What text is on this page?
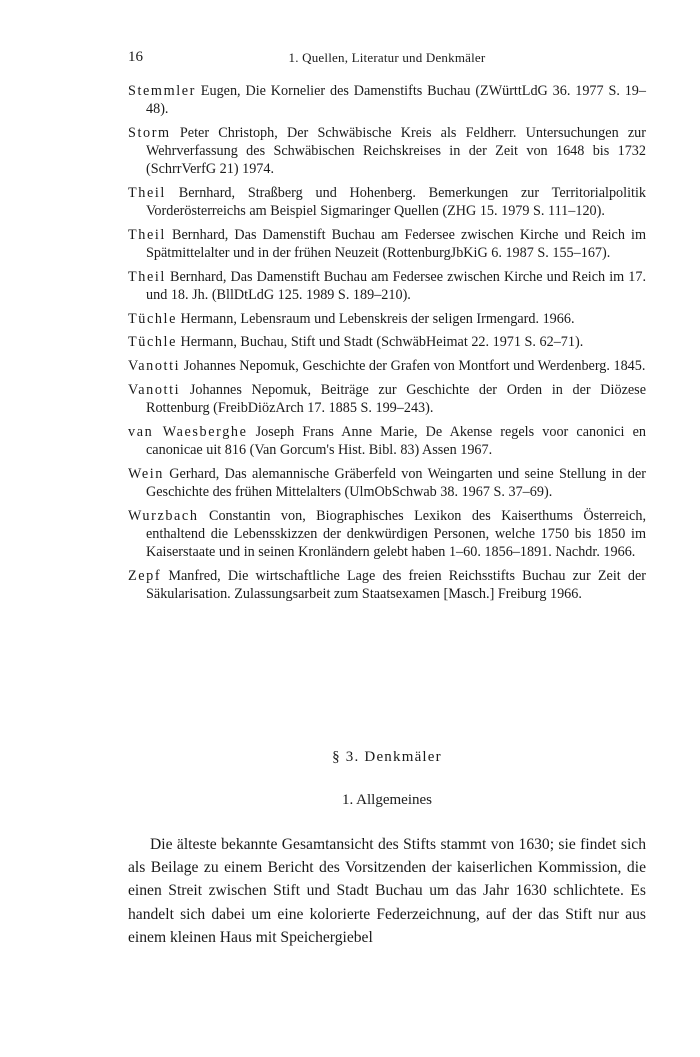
16	1. Quellen, Literatur und Denkmäler
Stemmler Eugen, Die Kornelier des Damenstifts Buchau (ZWürttLdG 36. 1977 S. 19–48).
Storm Peter Christoph, Der Schwäbische Kreis als Feldherr. Untersuchungen zur Wehrverfassung des Schwäbischen Reichskreises in der Zeit von 1648 bis 1732 (SchrrVerfG 21) 1974.
Theil Bernhard, Straßberg und Hohenberg. Bemerkungen zur Territorialpolitik Vorderösterreichs am Beispiel Sigmaringer Quellen (ZHG 15. 1979 S. 111–120).
Theil Bernhard, Das Damenstift Buchau am Federsee zwischen Kirche und Reich im Spätmittelalter und in der frühen Neuzeit (RottenburgJbKiG 6. 1987 S. 155–167).
Theil Bernhard, Das Damenstift Buchau am Federsee zwischen Kirche und Reich im 17. und 18. Jh. (BllDtLdG 125. 1989 S. 189–210).
Tüchle Hermann, Lebensraum und Lebenskreis der seligen Irmengard. 1966.
Tüchle Hermann, Buchau, Stift und Stadt (SchwäbHeimat 22. 1971 S. 62–71).
Vanotti Johannes Nepomuk, Geschichte der Grafen von Montfort und Werdenberg. 1845.
Vanotti Johannes Nepomuk, Beiträge zur Geschichte der Orden in der Diözese Rottenburg (FreibDiözArch 17. 1885 S. 199–243).
van Waesberghe Joseph Frans Anne Marie, De Akense regels voor canonici en canonicae uit 816 (Van Gorcum's Hist. Bibl. 83) Assen 1967.
Wein Gerhard, Das alemannische Gräberfeld von Weingarten und seine Stellung in der Geschichte des frühen Mittelalters (UlmObSchwab 38. 1967 S. 37–69).
Wurzbach Constantin von, Biographisches Lexikon des Kaiserthums Österreich, enthaltend die Lebensskizzen der denkwürdigen Personen, welche 1750 bis 1850 im Kaiserstaate und in seinen Kronländern gelebt haben 1–60. 1856–1891. Nachdr. 1966.
Zepf Manfred, Die wirtschaftliche Lage des freien Reichsstifts Buchau zur Zeit der Säkularisation. Zulassungsarbeit zum Staatsexamen [Masch.] Freiburg 1966.
§ 3. Denkmäler
1. Allgemeines

Die älteste bekannte Gesamtansicht des Stifts stammt von 1630; sie findet sich als Beilage zu einem Bericht des Vorsitzenden der kaiserlichen Kommission, die einen Streit zwischen Stift und Stadt Buchau um das Jahr 1630 schlichtete. Es handelt sich dabei um eine kolorierte Federzeichnung, auf der das Stift nur aus einem kleinen Haus mit Speichergiebel
